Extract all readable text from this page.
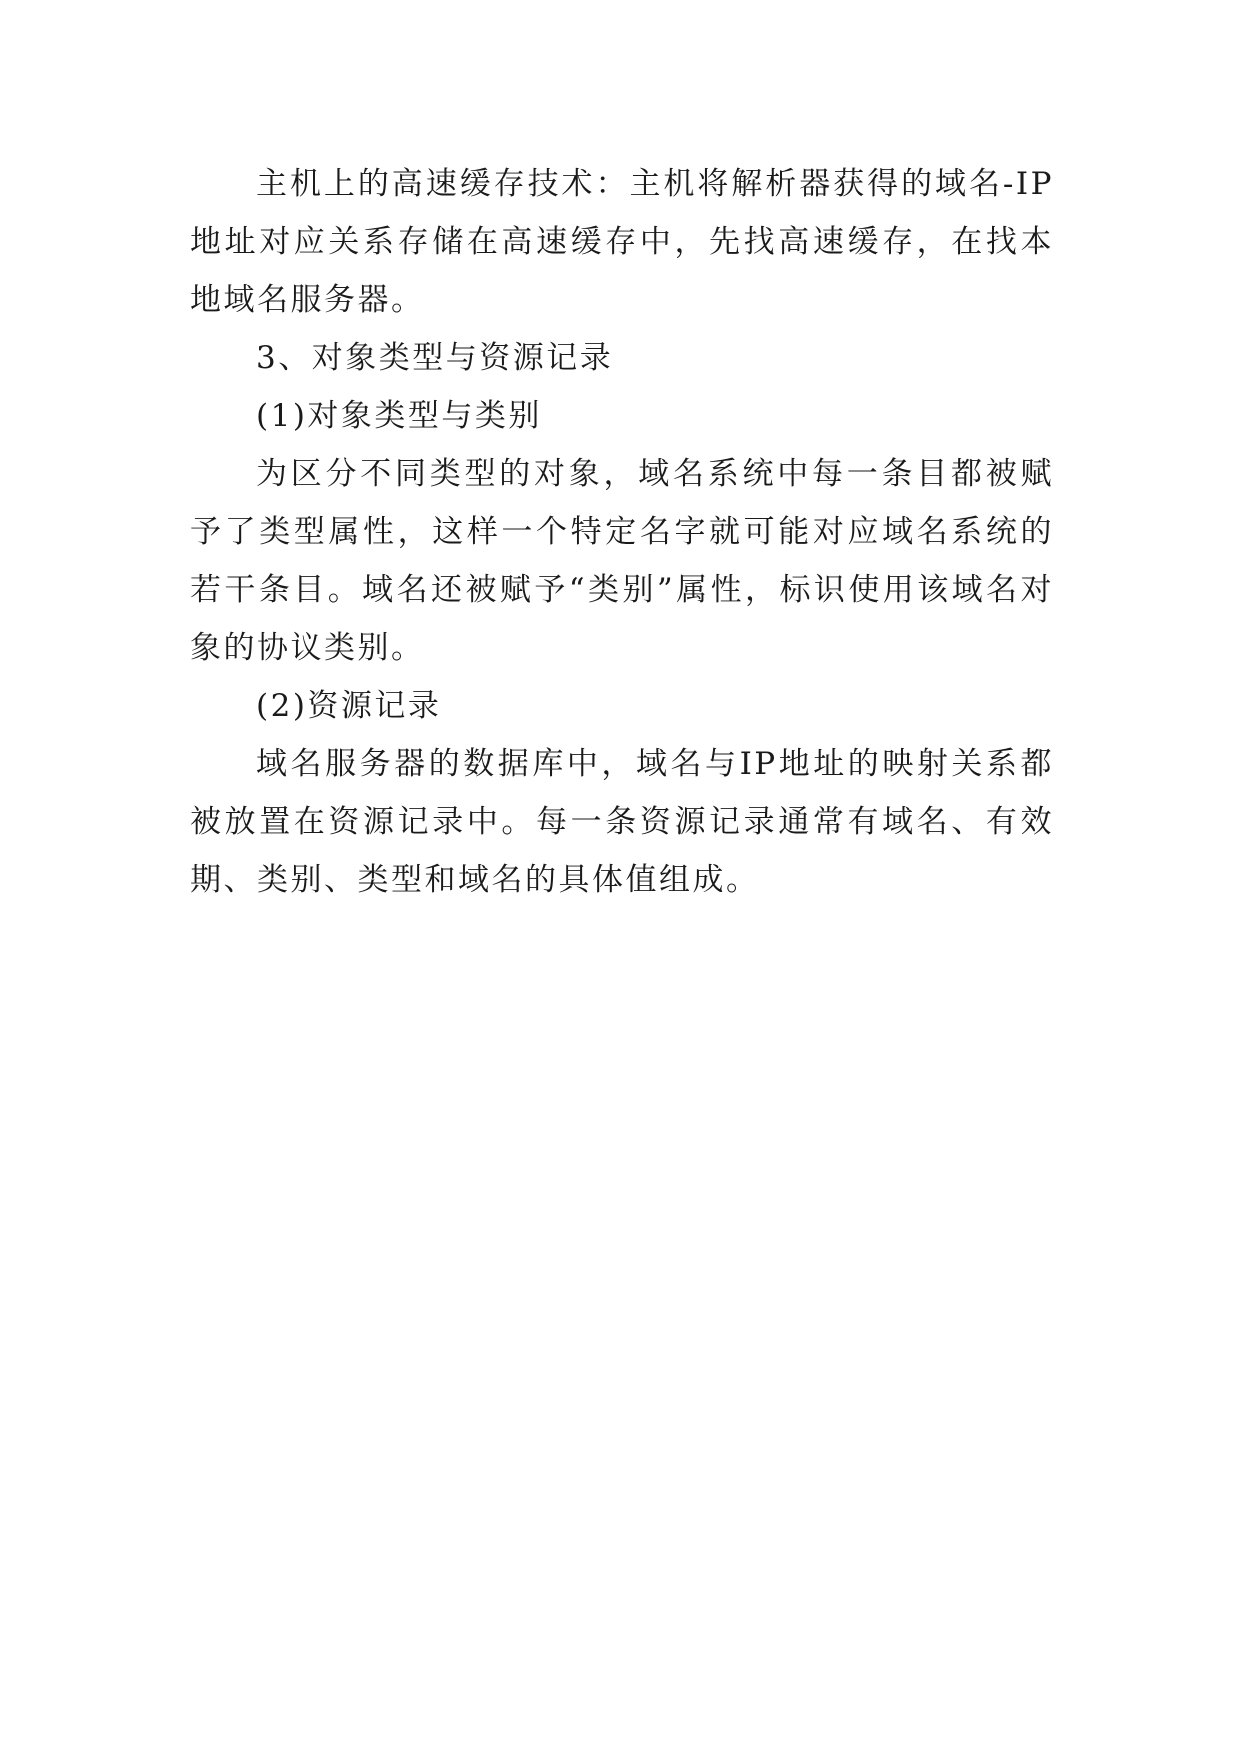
主机上的高速缓存技术：主机将解析器获得的域名-IP地址对应关系存储在高速缓存中，先找高速缓存，在找本地域名服务器。

3、对象类型与资源记录

(1)对象类型与类别

为区分不同类型的对象，域名系统中每一条目都被赋予了类型属性，这样一个特定名字就可能对应域名系统的若干条目。域名还被赋予“类别”属性，标识使用该域名对象的协议类别。

(2)资源记录

域名服务器的数据库中，域名与IP地址的映射关系都被放置在资源记录中。每一条资源记录通常有域名、有效期、类别、类型和域名的具体值组成。
